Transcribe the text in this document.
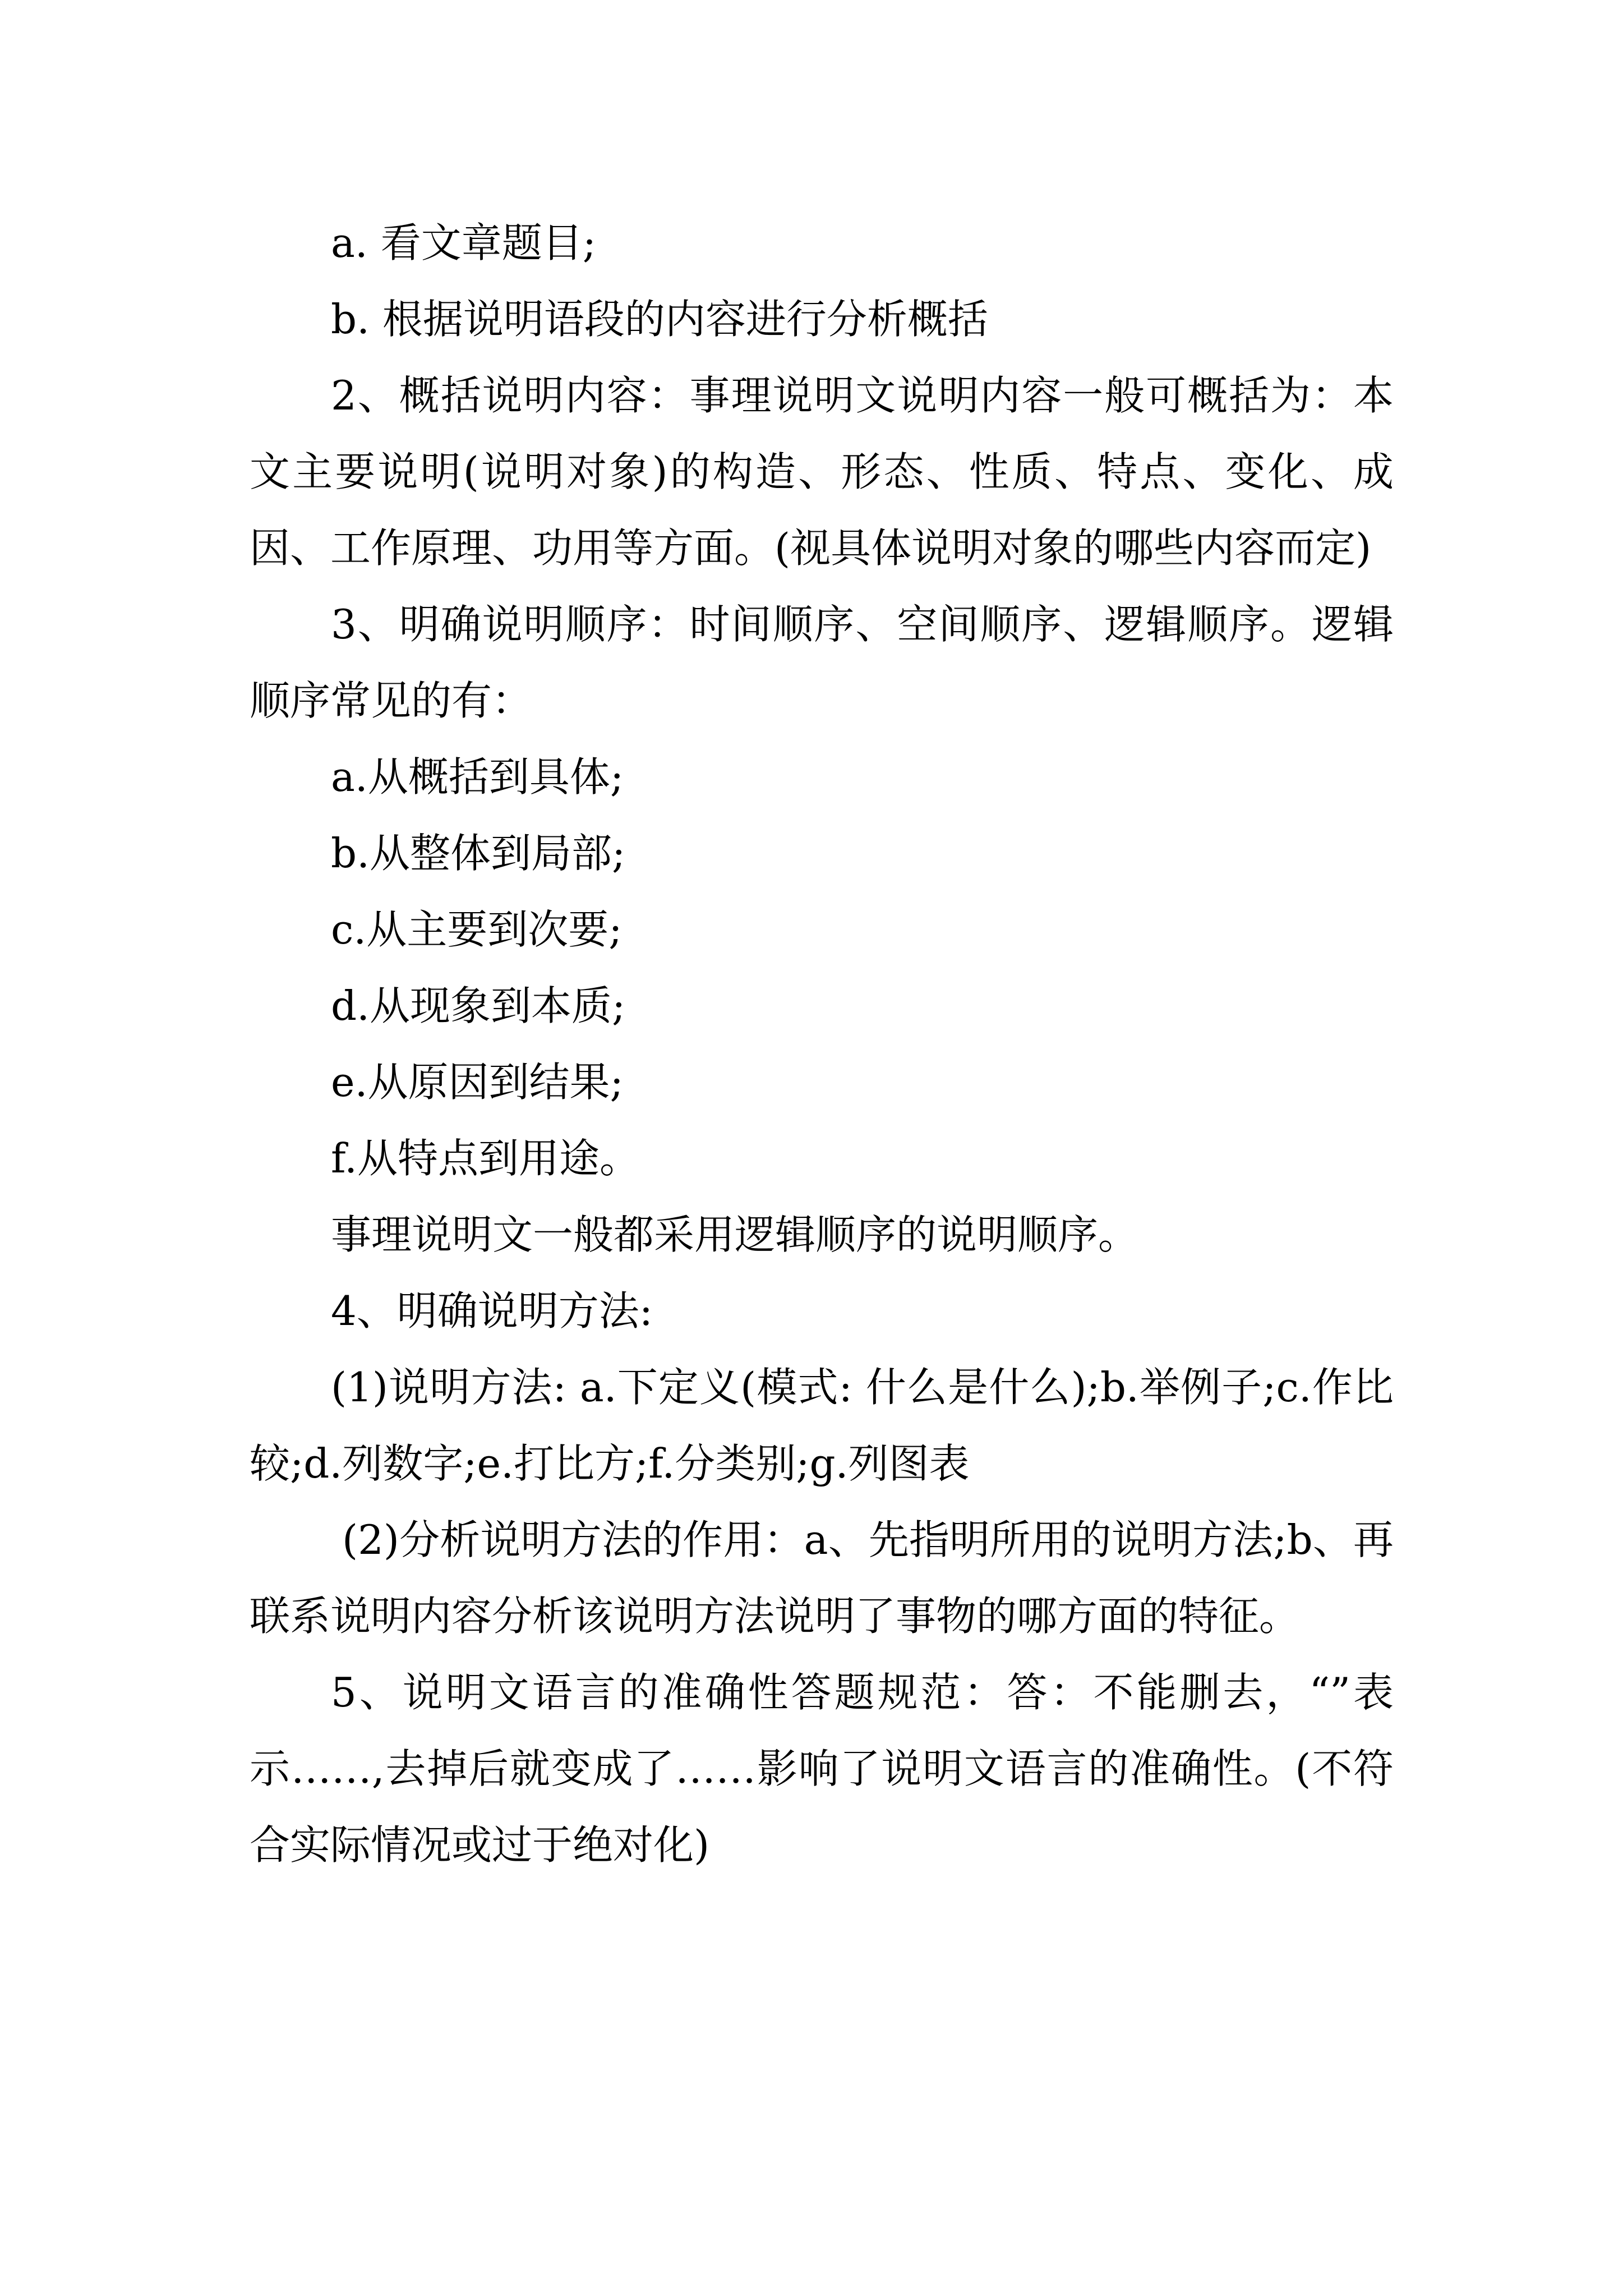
a. 看文章题目;

b. 根据说明语段的内容进行分析概括

2、概括说明内容：事理说明文说明内容一般可概括为：本文主要说明(说明对象)的构造、形态、性质、特点、变化、成因、工作原理、功用等方面。(视具体说明对象的哪些内容而定)

3、明确说明顺序：时间顺序、空间顺序、逻辑顺序。逻辑顺序常见的有：

a.从概括到具体;

b.从整体到局部;

c.从主要到次要;

d.从现象到本质;

e.从原因到结果;

f.从特点到用途。

事理说明文一般都采用逻辑顺序的说明顺序。

4、明确说明方法:

(1)说明方法: a.下定义(模式: 什么是什么);b.举例子;c.作比较;d.列数字;e.打比方;f.分类别;g.列图表

(2)分析说明方法的作用：a、先指明所用的说明方法;b、再联系说明内容分析该说明方法说明了事物的哪方面的特征。

5、说明文语言的准确性答题规范：答：不能删去，“”表示……,去掉后就变成了……影响了说明文语言的准确性。(不符合实际情况或过于绝对化)
